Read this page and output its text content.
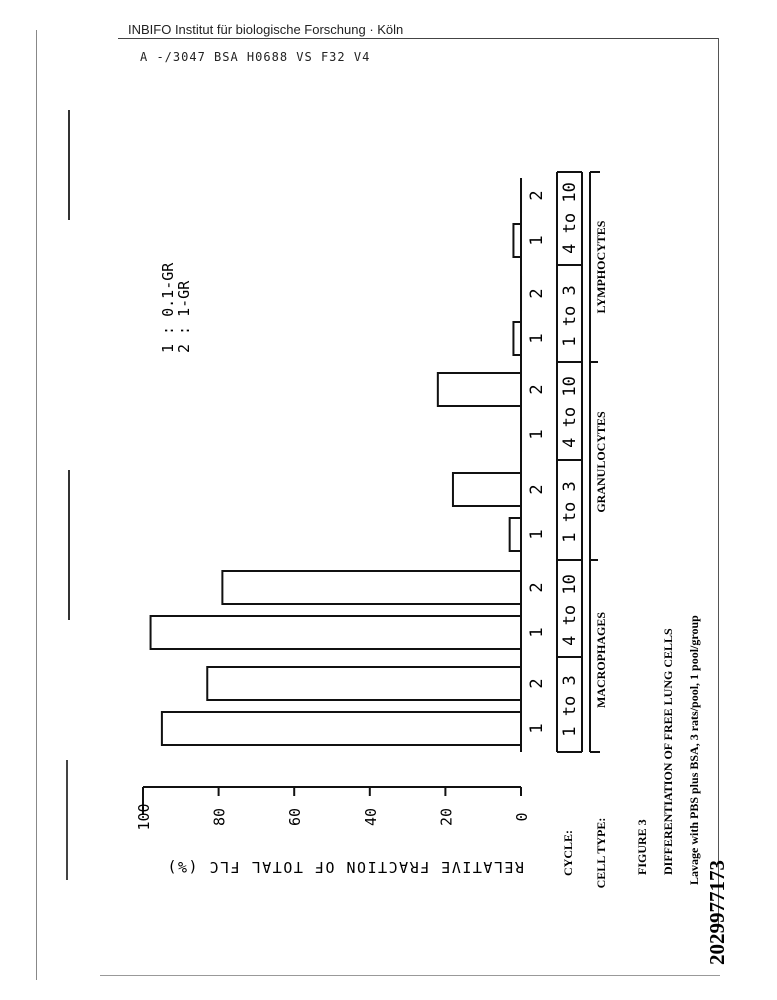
INBIFO Institut für biologische Forschung · Köln
A -/3047 BSA H0688 VS F32 V4
0
20
40
60
80
100
RELATIVE FRACTION OF TOTAL FLC (%)
1
2
1
2
1
2
1
2
1
2
1
2
1 to 3
4 to 10
1 to 3
4 to 10
1 to 3
4 to 10
MACROPHAGES
GRANULOCYTES
LYMPHOCYTES
CYCLE: CELL TYPE:
1 : 0.1-GR
2 : 1-GR
FIGURE 3 DIFFERENTIATION OF FREE LUNG CELLS Lavage with PBS plus BSA, 3 rats/pool, 1 pool/group
2029977173
